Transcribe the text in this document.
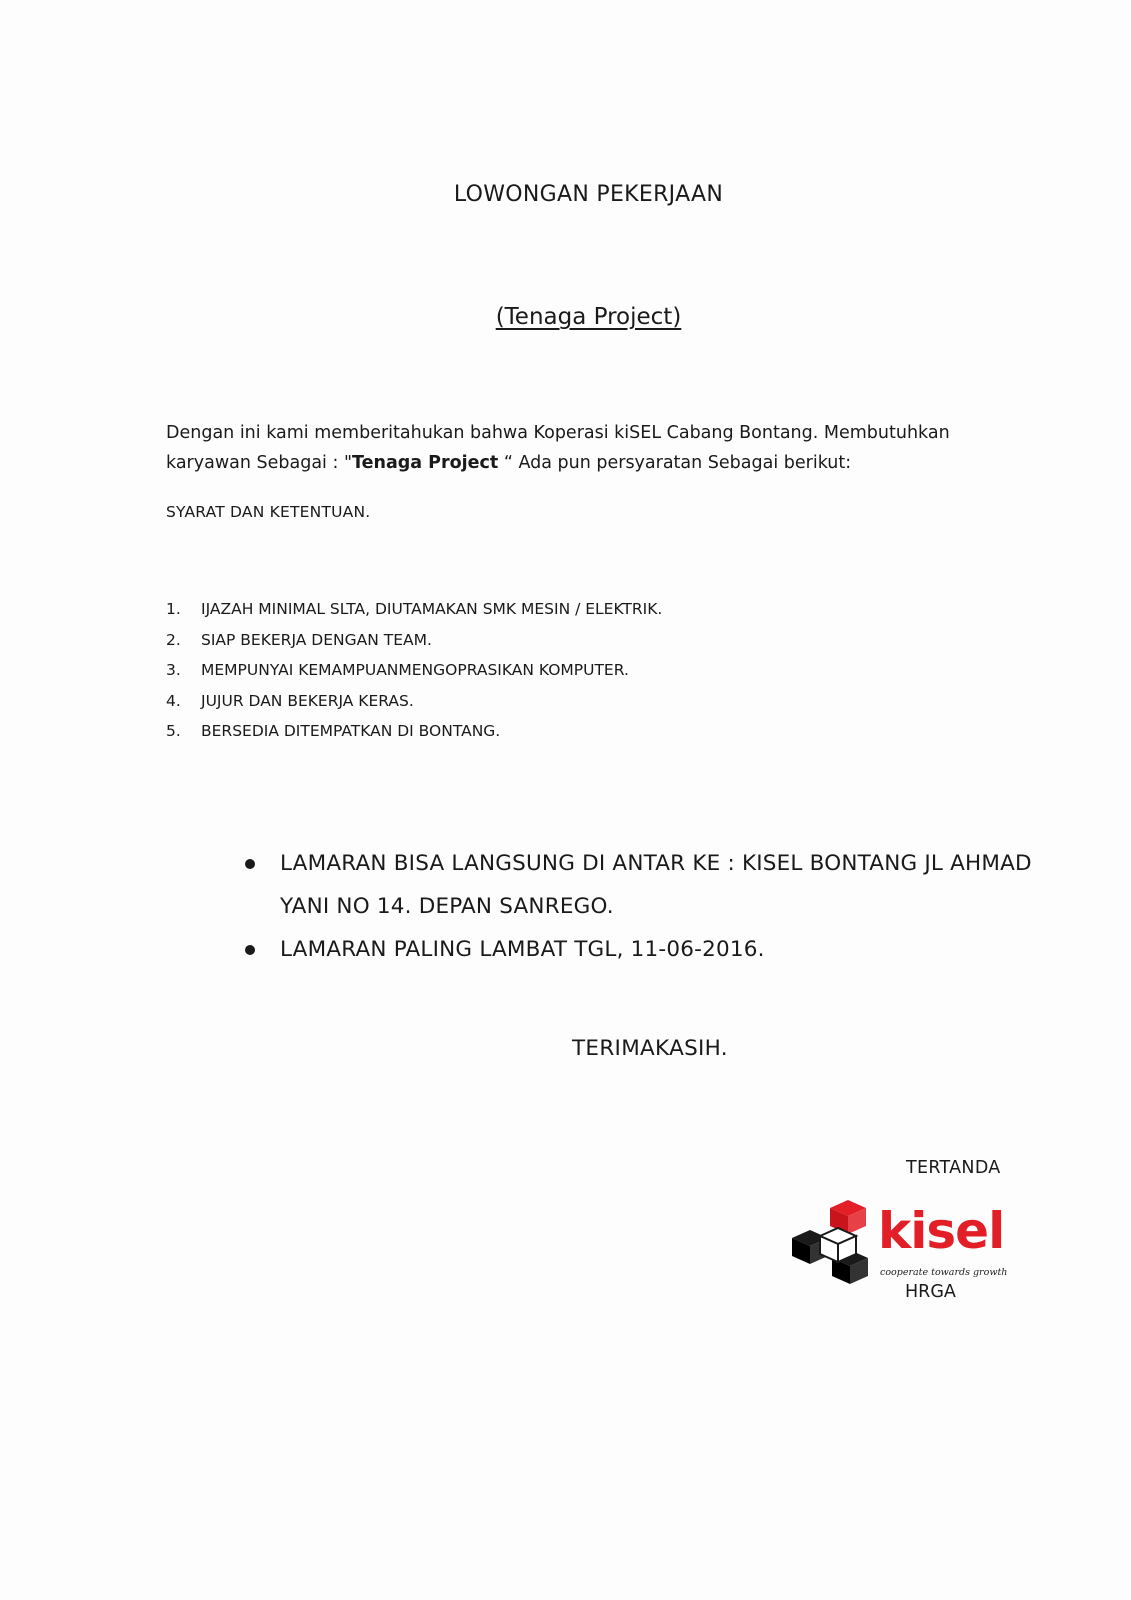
LOWONGAN PEKERJAAN
(Tenaga Project)
Dengan ini kami memberitahukan bahwa Koperasi kiSEL Cabang Bontang. Membutuhkan karyawan Sebagai : "Tenaga Project “ Ada pun persyaratan Sebagai berikut:
SYARAT DAN KETENTUAN.
1.	IJAZAH MINIMAL SLTA, DIUTAMAKAN SMK MESIN / ELEKTRIK.
2.	SIAP BEKERJA DENGAN TEAM.
3.	MEMPUNYAI KEMAMPUANMENGOPRASIKAN KOMPUTER.
4.	JUJUR DAN BEKERJA KERAS.
5.	BERSEDIA DITEMPATKAN DI BONTANG.
LAMARAN BISA LANGSUNG DI ANTAR KE : KISEL BONTANG JL AHMAD YANI NO 14. DEPAN SANREGO.
LAMARAN PALING LAMBAT TGL, 11-06-2016.
TERIMAKASIH.
TERTANDA
kisel
cooperate towards growth
HRGA
